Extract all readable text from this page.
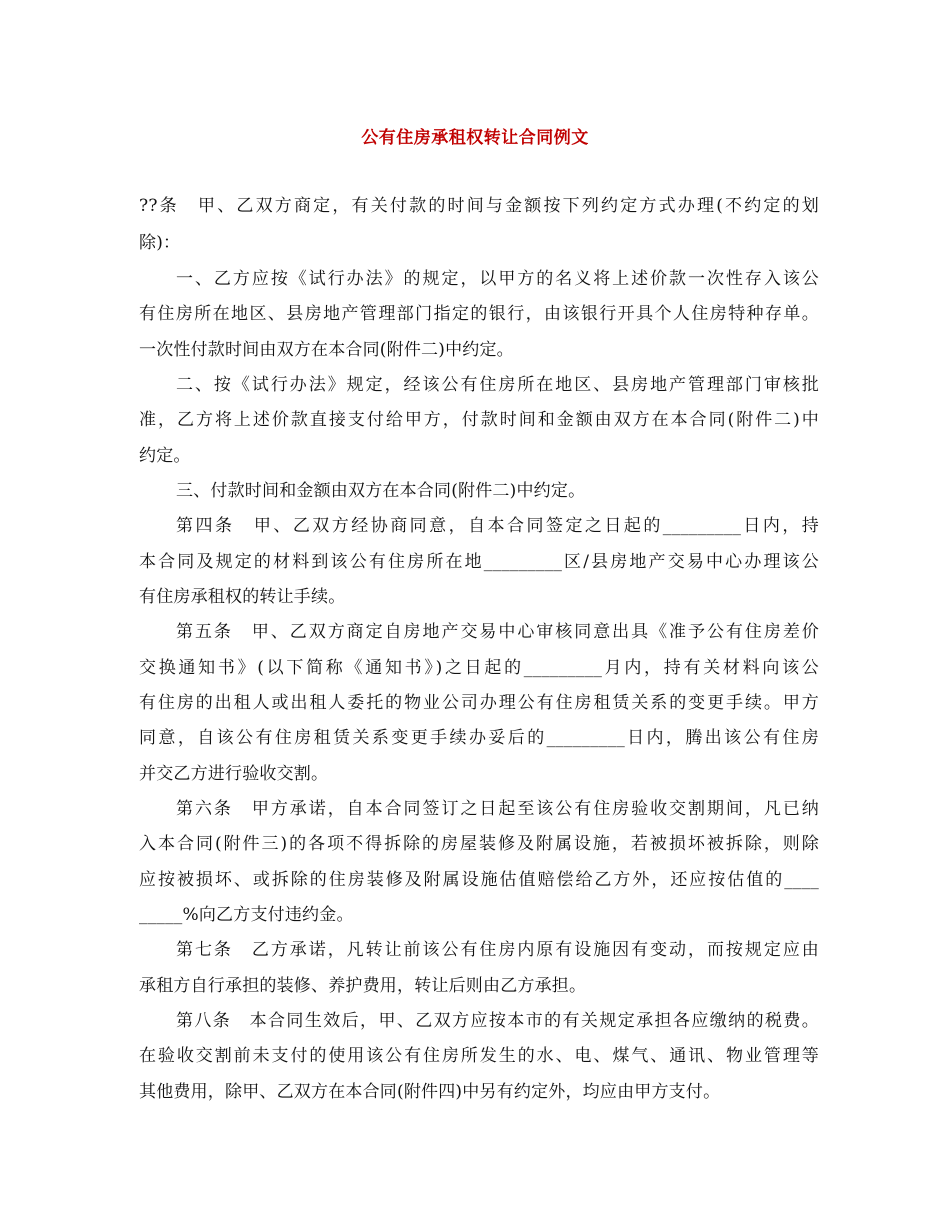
公有住房承租权转让合同例文
??条　甲、乙双方商定，有关付款的时间与金额按下列约定方式办理(不约定的划
除)：
一、乙方应按《试行办法》的规定，以甲方的名义将上述价款一次性存入该公
有住房所在地区、县房地产管理部门指定的银行，由该银行开具个人住房特种存单。
一次性付款时间由双方在本合同(附件二)中约定。
二、按《试行办法》规定，经该公有住房所在地区、县房地产管理部门审核批
准，乙方将上述价款直接支付给甲方，付款时间和金额由双方在本合同(附件二)中
约定。
三、付款时间和金额由双方在本合同(附件二)中约定。
第四条　甲、乙双方经协商同意，自本合同签定之日起的_________日内，持
本合同及规定的材料到该公有住房所在地_________区/县房地产交易中心办理该公
有住房承租权的转让手续。
第五条　甲、乙双方商定自房地产交易中心审核同意出具《准予公有住房差价
交换通知书》(以下简称《通知书》)之日起的_________月内，持有关材料向该公
有住房的出租人或出租人委托的物业公司办理公有住房租赁关系的变更手续。甲方
同意，自该公有住房租赁关系变更手续办妥后的_________日内，腾出该公有住房
并交乙方进行验收交割。
第六条　甲方承诺，自本合同签订之日起至该公有住房验收交割期间，凡已纳
入本合同(附件三)的各项不得拆除的房屋装修及附属设施，若被损坏被拆除，则除
应按被损坏、或拆除的住房装修及附属设施估值赔偿给乙方外，还应按估值的____
_____%向乙方支付违约金。
第七条　乙方承诺，凡转让前该公有住房内原有设施因有变动，而按规定应由
承租方自行承担的装修、养护费用，转让后则由乙方承担。
第八条　本合同生效后，甲、乙双方应按本市的有关规定承担各应缴纳的税费。
在验收交割前未支付的使用该公有住房所发生的水、电、煤气、通讯、物业管理等
其他费用，除甲、乙双方在本合同(附件四)中另有约定外，均应由甲方支付。
